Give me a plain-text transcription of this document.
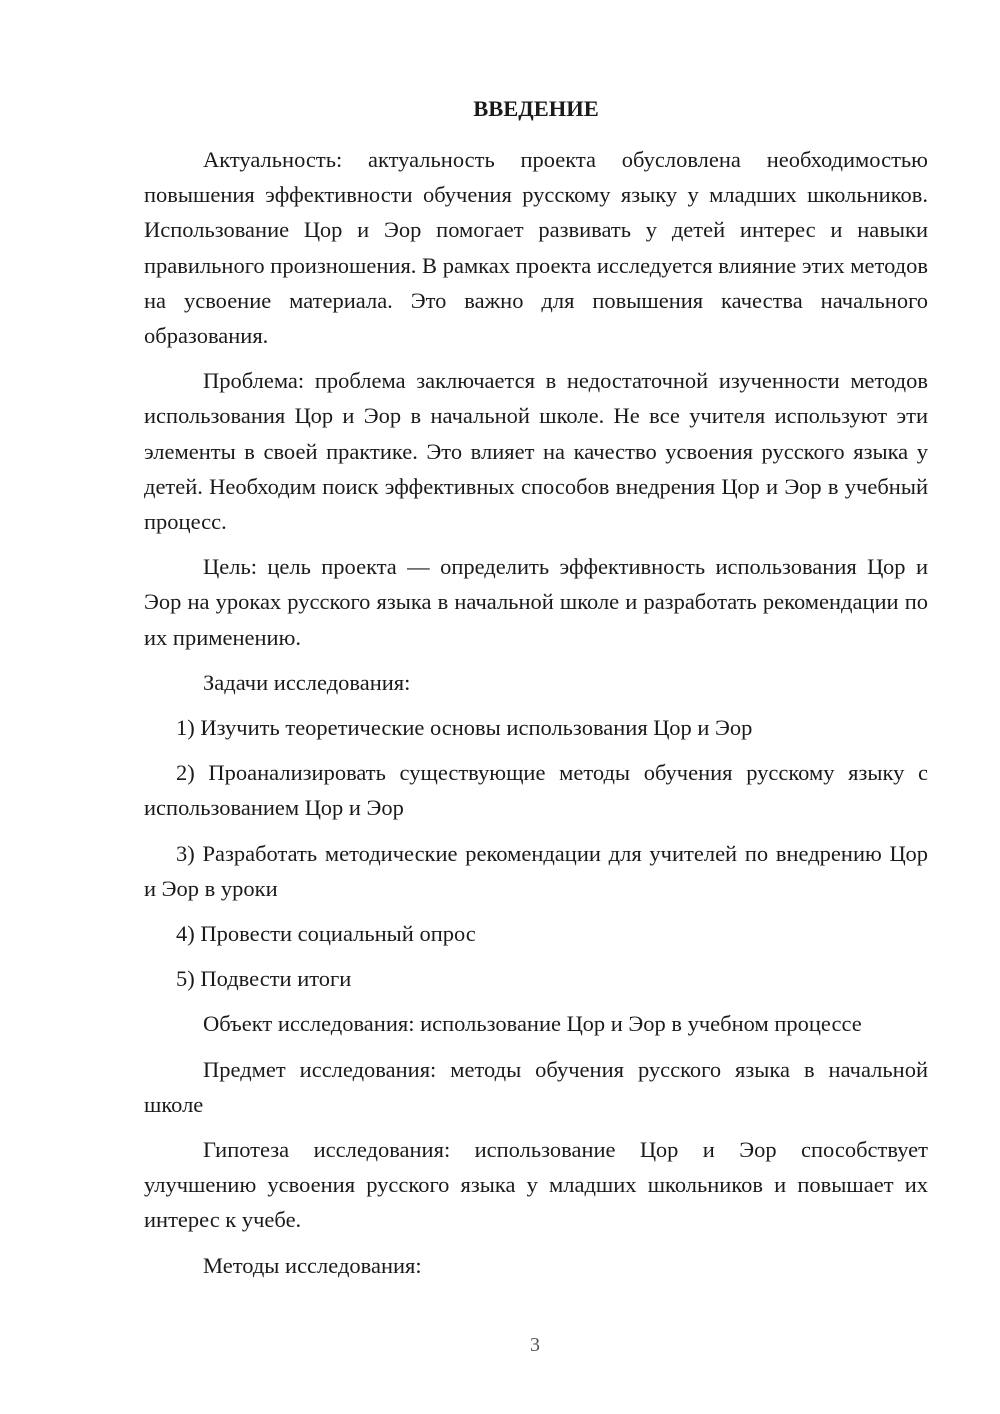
ВВЕДЕНИЕ

Актуальность: актуальность проекта обусловлена необходимостью повышения эффективности обучения русскому языку у младших школьников. Использование Цор и Эор помогает развивать у детей интерес и навыки правильного произношения. В рамках проекта исследуется влияние этих методов на усвоение материала. Это важно для повышения качества начального образования.

Проблема: проблема заключается в недостаточной изученности методов использования Цор и Эор в начальной школе. Не все учителя используют эти элементы в своей практике. Это влияет на качество усвоения русского языка у детей. Необходим поиск эффективных способов внедрения Цор и Эор в учебный процесс.

Цель: цель проекта — определить эффективность использования Цор и Эор на уроках русского языка в начальной школе и разработать рекомендации по их применению.

Задачи исследования:

1) Изучить теоретические основы использования Цор и Эор

2) Проанализировать существующие методы обучения русскому языку с использованием Цор и Эор

3) Разработать методические рекомендации для учителей по внедрению Цор и Эор в уроки

4) Провести социальный опрос

5) Подвести итоги

Объект исследования: использование Цор и Эор в учебном процессе

Предмет исследования: методы обучения русского языка в начальной школе

Гипотеза исследования: использование Цор и Эор способствует улучшению усвоения русского языка у младших школьников и повышает их интерес к учебе.

Методы исследования:

3
